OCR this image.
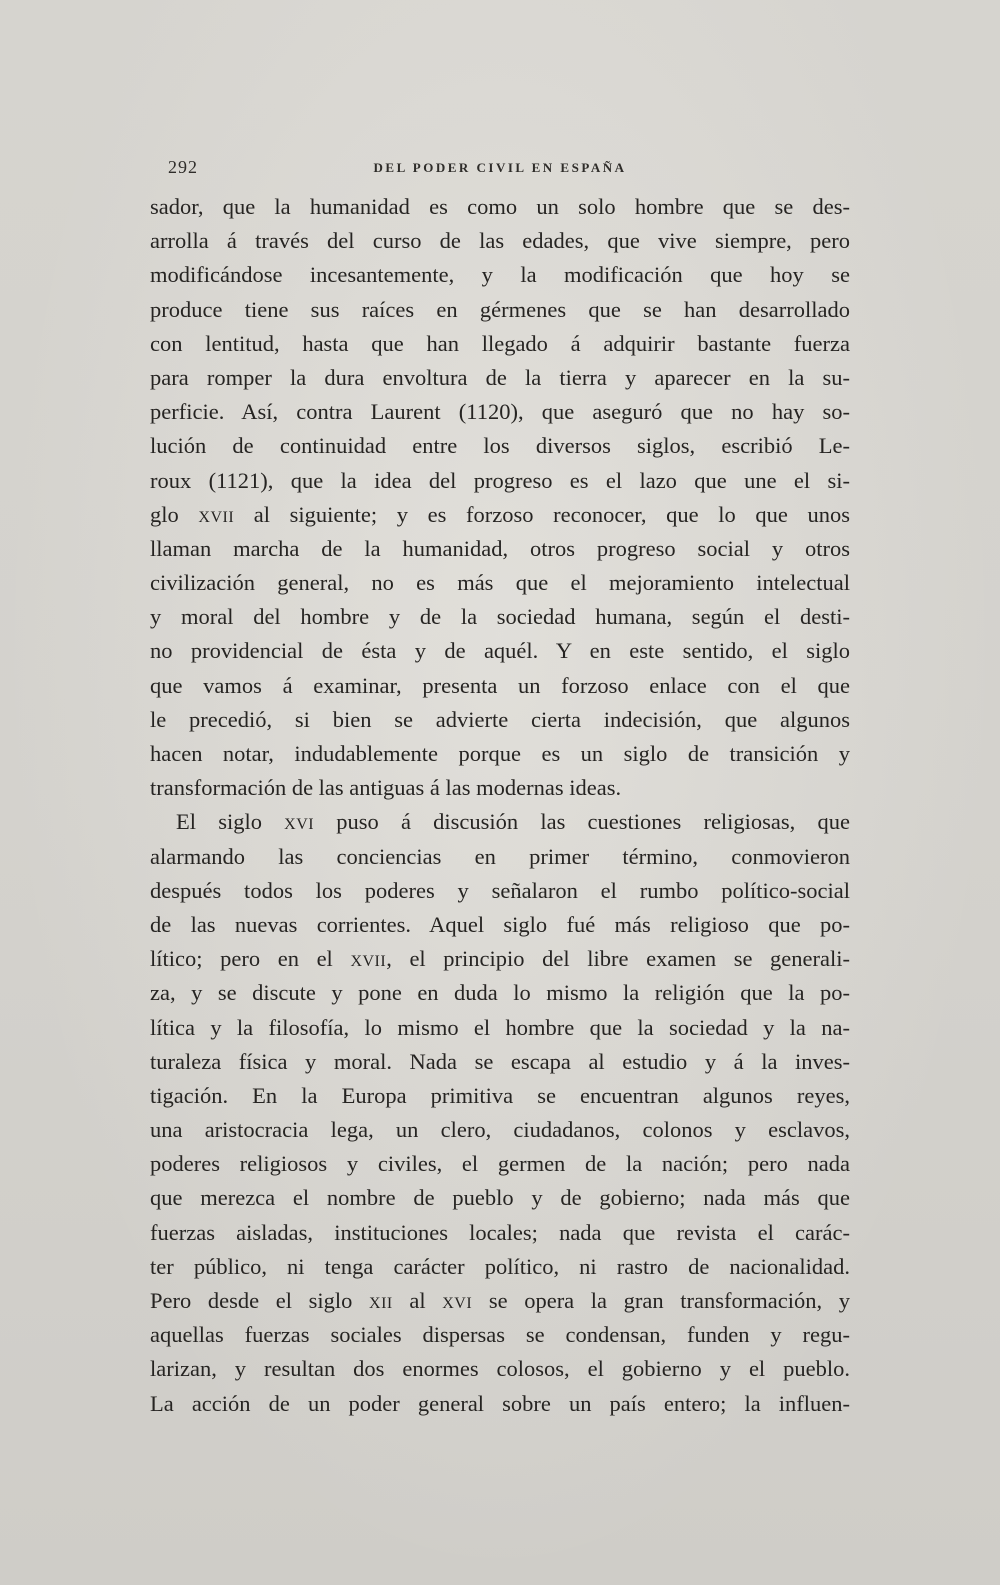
292	DEL PODER CIVIL EN ESPAÑA
sador, que la humanidad es como un solo hombre que se des-
arrolla á través del curso de las edades, que vive siempre, pero
modificándose incesantemente, y la modificación que hoy se
produce tiene sus raíces en gérmenes que se han desarrollado
con lentitud, hasta que han llegado á adquirir bastante fuerza
para romper la dura envoltura de la tierra y aparecer en la su-
perficie. Así, contra Laurent (1120), que aseguró que no hay so-
lución de continuidad entre los diversos siglos, escribió Le-
roux (1121), que la idea del progreso es el lazo que une el si-
glo XVII al siguiente; y es forzoso reconocer, que lo que unos
llaman marcha de la humanidad, otros progreso social y otros
civilización general, no es más que el mejoramiento intelectual
y moral del hombre y de la sociedad humana, según el desti-
no providencial de ésta y de aquél. Y en este sentido, el siglo
que vamos á examinar, presenta un forzoso enlace con el que
le precedió, si bien se advierte cierta indecisión, que algunos
hacen notar, indudablemente porque es un siglo de transición y
transformación de las antiguas á las modernas ideas.
El siglo XVI puso á discusión las cuestiones religiosas, que
alarmando las conciencias en primer término, conmovieron
después todos los poderes y señalaron el rumbo político-social
de las nuevas corrientes. Aquel siglo fué más religioso que po-
lítico; pero en el XVII, el principio del libre examen se generali-
za, y se discute y pone en duda lo mismo la religión que la po-
lítica y la filosofía, lo mismo el hombre que la sociedad y la na-
turaleza física y moral. Nada se escapa al estudio y á la inves-
tigación. En la Europa primitiva se encuentran algunos reyes,
una aristocracia lega, un clero, ciudadanos, colonos y esclavos,
poderes religiosos y civiles, el germen de la nación; pero nada
que merezca el nombre de pueblo y de gobierno; nada más que
fuerzas aisladas, instituciones locales; nada que revista el carác-
ter público, ni tenga carácter político, ni rastro de nacionalidad.
Pero desde el siglo XII al XVI se opera la gran transformación, y
aquellas fuerzas sociales dispersas se condensan, funden y regu-
larizan, y resultan dos enormes colosos, el gobierno y el pueblo.
La acción de un poder general sobre un país entero; la influen-
